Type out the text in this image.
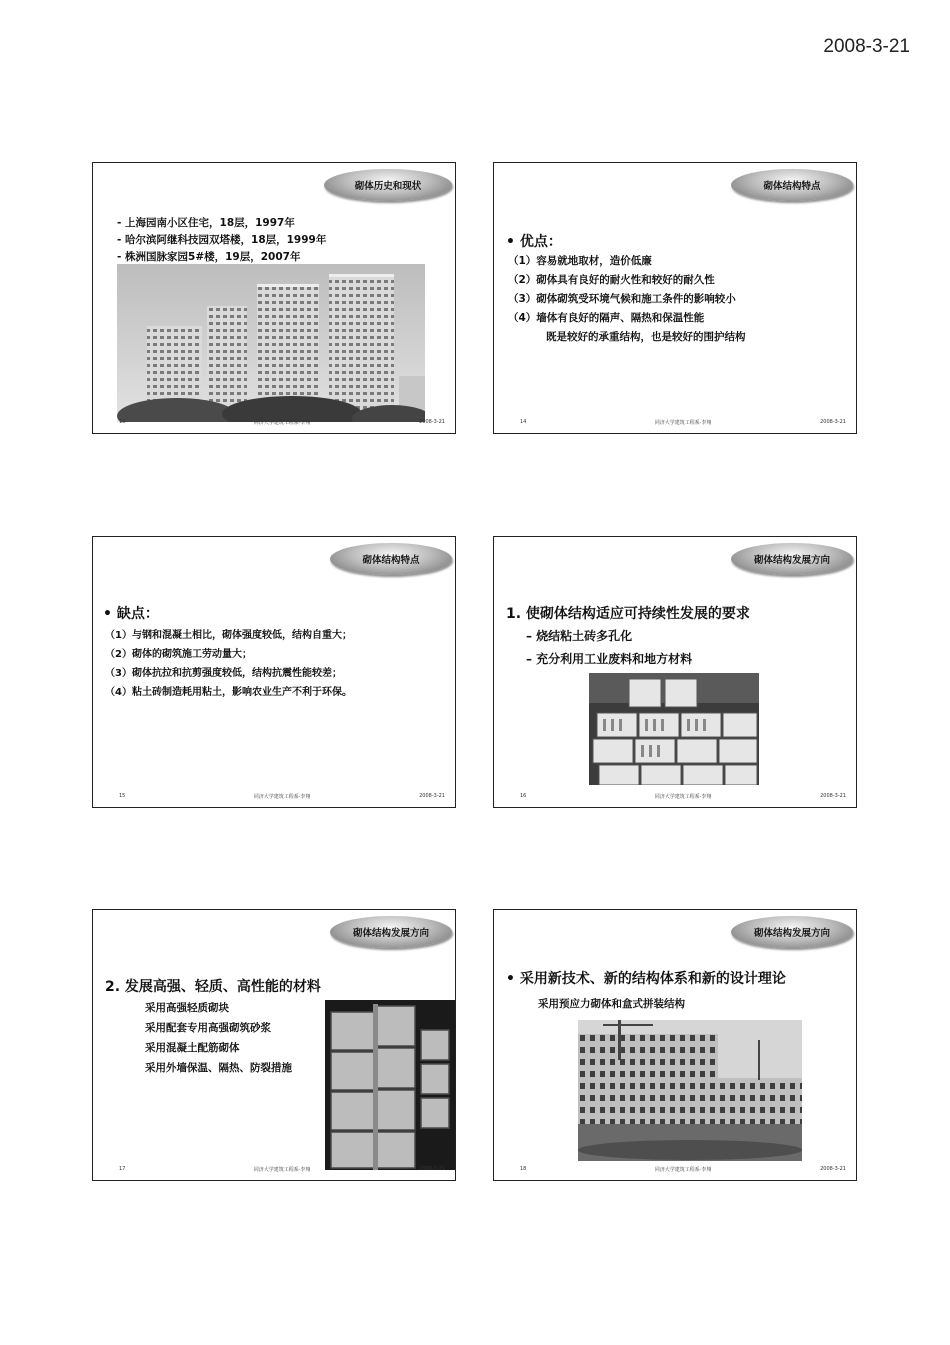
2008-3-21
砌体历史和现状
- 上海园南小区住宅，18层，1997年
- 哈尔滨阿继科技园双塔楼，18层，1999年
- 株洲国脉家园5#楼，19层，2007年
13	同济大学建筑工程系·李翔	2008-3-21
砌体结构特点
• 优点：
（1）容易就地取材，造价低廉
（2）砌体具有良好的耐火性和较好的耐久性
（3）砌体砌筑受环境气候和施工条件的影响较小
（4）墙体有良好的隔声、隔热和保温性能
既是较好的承重结构，也是较好的围护结构
14	同济大学建筑工程系·李翔	2008-3-21
砌体结构特点
• 缺点：
（1）与钢和混凝土相比，砌体强度较低，结构自重大；
（2）砌体的砌筑施工劳动量大；
（3）砌体抗拉和抗剪强度较低，结构抗震性能较差；
（4）粘土砖制造耗用粘土，影响农业生产不利于环保。
15	同济大学建筑工程系·李翔	2008-3-21
砌体结构发展方向
1. 使砌体结构适应可持续性发展的要求
– 烧结粘土砖多孔化
– 充分利用工业废料和地方材料
16	同济大学建筑工程系·李翔	2008-3-21
砌体结构发展方向
2. 发展高强、轻质、高性能的材料
采用高强轻质砌块
采用配套专用高强砌筑砂浆
采用混凝土配筋砌体
采用外墙保温、隔热、防裂措施
17	同济大学建筑工程系·李翔	2008-3-21
砌体结构发展方向
• 采用新技术、新的结构体系和新的设计理论
采用预应力砌体和盒式拼装结构
18	同济大学建筑工程系·李翔	2008-3-21
